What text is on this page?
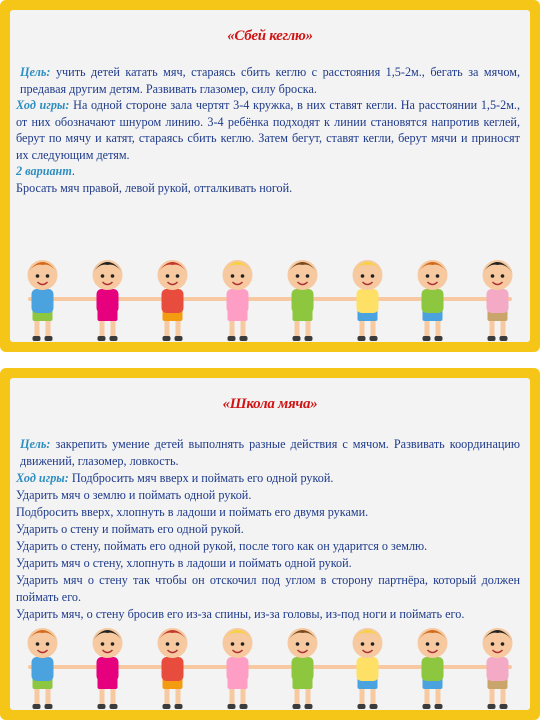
«Сбей кеглю»

Цель: учить детей катать мяч, стараясь сбить кеглю с расстояния 1,5-2м., бегать за мячом, предавая другим детям. Развивать глазомер, силу броска.

Ход игры: На одной стороне зала чертят 3-4 кружка, в них ставят кегли. На расстоянии 1,5-2м., от них обозначают шнуром линию. 3-4 ребёнка подходят к линии становятся напротив кеглей, берут по мячу и катят, стараясь сбить кеглю. Затем бегут, ставят кегли, берут мячи и приносят их следующим детям.

2 вариант.

Бросать мяч правой, левой рукой, отталкивать ногой.

«Школа мяча»

Цель: закрепить умение детей выполнять разные действия с мячом. Развивать координацию движений, глазомер, ловкость.

Ход игры: Подбросить мяч вверх и поймать его одной рукой.

Ударить мяч о землю и поймать одной рукой.

Подбросить вверх, хлопнуть в ладоши и поймать его двумя руками.

Ударить о стену и поймать его одной рукой.

Ударить о стену, поймать его одной рукой, после того как он ударится о землю.

Ударить мяч о стену, хлопнуть в ладоши и поймать одной рукой.

Ударить мяч о стену так чтобы он отскочил под углом в сторону партнёра, который должен поймать его.

Ударить мяч, о стену бросив его из-за спины, из-за головы, из-под ноги и поймать его.
